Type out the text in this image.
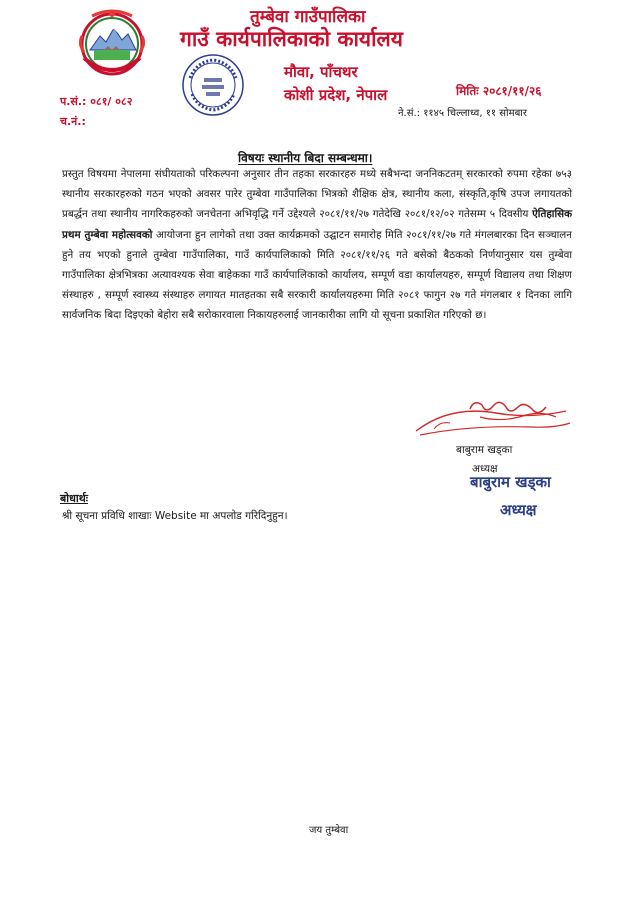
तुम्बेवा गाउँपालिका
गाउँ कार्यपालिकाको कार्यालय
मौवा, पाँचथर
कोशी प्रदेश, नेपाल	मितिः २०८१/११/२६
प.सं.: ०८१/ ०८२
च.नं.:
ने.सं.: ११४५ चिल्लाध्व, ११ सोमबार
विषयः स्थानीय बिदा सम्बन्धमा।
प्रस्तुत विषयमा नेपालमा संघीयताको परिकल्पना अनुसार तीन तहका सरकारहरु मध्ये सबैभन्दा जननिकटतम् सरकारको रुपमा रहेका ७५३ स्थानीय सरकारहरुको गठन भएको अवसर पारेर तुम्बेवा गाउँपालिका भित्रको शैक्षिक क्षेत्र, स्थानीय कला, संस्कृति,कृषि उपज लगायतको प्रबर्द्धन तथा स्थानीय नागरिकहरुको जनचेतना अभिवृद्धि गर्ने उद्देश्यले २०८१/११/२७ गतेदेखि २०८१/१२/०२ गतेसम्म ५ दिवसीय ऐतिहासिक प्रथम तुम्बेवा महोत्सवको आयोजना हुन लागेको तथा उक्त कार्यक्रमको उद्घाटन समारोह मिति २०८१/११/२७ गते मंगलबारका दिन सञ्चालन हुने तय भएको हुनाले तुम्बेवा गाउँपालिका, गाउँ कार्यपालिकाको मिति २०८१/११/२६ गते बसेको बैठकको निर्णयानुसार यस तुम्बेवा गाउँपालिका क्षेत्रभित्रका अत्यावश्यक सेवा बाहेकका गाउँ कार्यपालिकाको कार्यालय, सम्पूर्ण वडा कार्यालयहरु, सम्पूर्ण विद्यालय तथा शिक्षण संस्थाहरु , सम्पूर्ण स्वास्थ्य संस्थाहरु लगायत मातहतका सबै सरकारी कार्यालयहरुमा मिति २०८१ फागुन २७ गते मंगलबार १ दिनका लागि सार्वजनिक बिदा दिइएको बेहोरा सबै सरोकारवाला निकायहरुलाई जानकारीका लागि यो सूचना प्रकाशित गरिएको छ।
बाबुराम खड्का
अध्यक्ष
बाबुराम खड्का
अध्यक्ष
बोधार्थः
श्री सूचना प्रविधि शाखाः Website मा अपलोड गरिदिनुहुन।
जय तुम्बेवा
